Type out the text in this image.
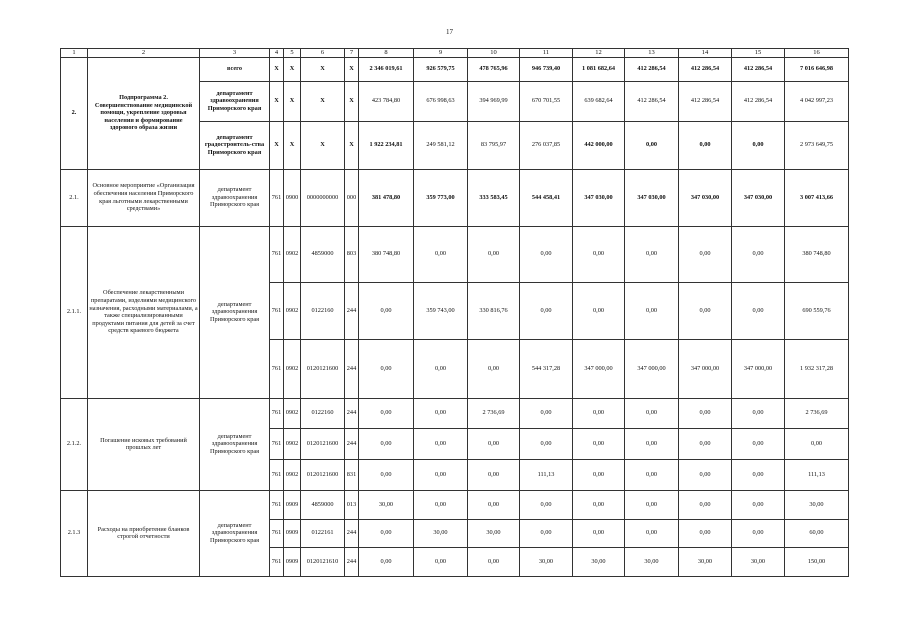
17
1	2	3	4	5	6	7	8	9	10	11	12	13	14	15	16
2.	Подпрограмма 2. Совершенствование медицинской помощи, укрепление здоровья населения и формирование здорового образа жизни	всего	X	X	X	X	2 346 019,61	926 579,75	478 765,96	946 739,40	1 081 682,64	412 286,54	412 286,54	412 286,54	7 016 646,98
		департамент здравоохранения Приморского края	X	X	X	X	423 784,80	676 998,63	394 969,99	670 701,55	639 682,64	412 286,54	412 286,54	412 286,54	4 042 997,23
		департамент градостроитель-ства Приморского края	X	X	X	X	1 922 234,81	249 581,12	83 795,97	276 037,85	442 000,00	0,00	0,00	0,00	2 973 649,75
2.1.	Основное мероприятие «Организация обеспечения населения Приморского края льготными лекарственными средствами»	департамент здравоохранения Приморского края	761	0900	0000000000	000	381 478,80	359 773,00	333 583,45	544 458,41	347 030,00	347 030,00	347 030,00	347 030,00	3 007 413,66
2.1.1.	Обеспечение лекарственными препаратами, изделиями медицинского назначения, расходными материалами, а также специализированными продуктами питания для детей за счет средств краевого бюджета	департамент здравоохранения Приморского края	761	0902	4859000	803	380 748,80	0,00	0,00	0,00	0,00	0,00	0,00	0,00	380 748,80
			761	0902	0122160	244	0,00	359 743,00	330 816,76	0,00	0,00	0,00	0,00	0,00	690 559,76
			761	0902	0120121600	244	0,00	0,00	0,00	544 317,28	347 000,00	347 000,00	347 000,00	347 000,00	1 932 317,28
2.1.2.	Погашение исковых требований прошлых лет	департамент здравоохранения Приморского края	761	0902	0122160	244	0,00	0,00	2 736,69	0,00	0,00	0,00	0,00	0,00	2 736,69
			761	0902	0120121600	244	0,00	0,00	0,00	0,00	0,00	0,00	0,00	0,00	0,00
			761	0902	0120121600	831	0,00	0,00	0,00	111,13	0,00	0,00	0,00	0,00	111,13
2.1.3	Расходы на приобретение бланков строгой отчетности	департамент здравоохранения Приморского края	761	0909	4859000	013	30,00	0,00	0,00	0,00	0,00	0,00	0,00	0,00	30,00
			761	0909	0122161	244	0,00	30,00	30,00	0,00	0,00	0,00	0,00	0,00	60,00
			761	0909	0120121610	244	0,00	0,00	0,00	30,00	30,00	30,00	30,00	30,00	150,00
